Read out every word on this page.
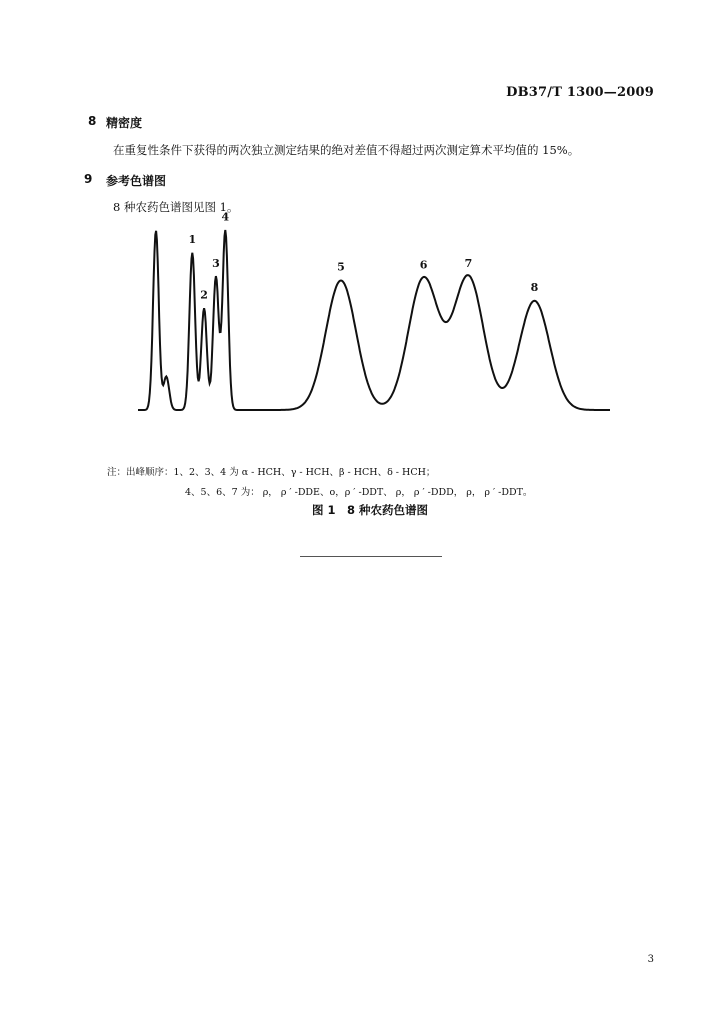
DB37/T 1300—2009
8 精密度
在重复性条件下获得的两次独立测定结果的绝对差值不得超过两次测定算术平均值的 15%。
9 参考色谱图
8 种农药色谱图见图 1。
1
2
3
4
5	6	7
8
注：出峰顺序：1、2、3、4 为 α - HCH、γ - HCH、β - HCH、δ - HCH；
4、5、6、7 为： ρ， ρ ′ -DDE、ο，ρ ′ -DDT、 ρ， ρ ′ -DDD， ρ， ρ ′ -DDT。
图 1　8 种农药色谱图
3
